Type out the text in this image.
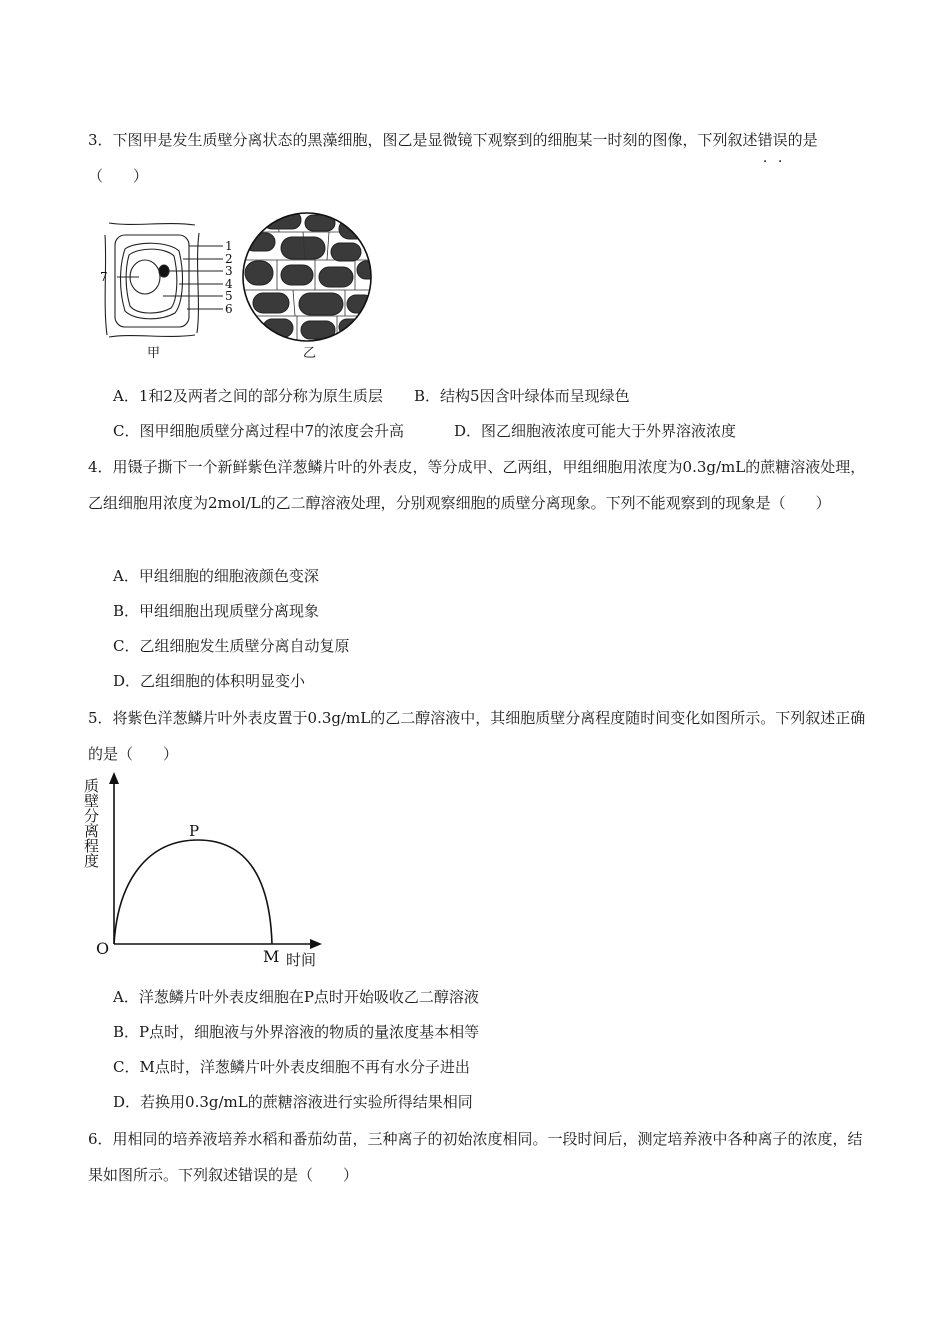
3．下图甲是发生质壁分离状态的黑藻细胞，图乙是显微镜下观察到的细胞某一时刻的图像，下列叙述错误的是（　　）
1
2
3
4
5
6
7
甲	乙
A．1和2及两者之间的部分称为原生质层 B．结构5因含叶绿体而呈现绿色
C．图甲细胞质壁分离过程中7的浓度会升高	D．图乙细胞液浓度可能大于外界溶液浓度
4．用镊子撕下一个新鲜紫色洋葱鳞片叶的外表皮，等分成甲、乙两组，甲组细胞用浓度为0.3g/mL的蔗糖溶液处理，乙组细胞用浓度为2mol/L的乙二醇溶液处理，分别观察细胞的质壁分离现象。下列不能观察到的现象是（　　）
A．甲组细胞的细胞液颜色变深
B．甲组细胞出现质壁分离现象
C．乙组细胞发生质壁分离自动复原
D．乙组细胞的体积明显变小
5．将紫色洋葱鳞片叶外表皮置于0.3g/mL的乙二醇溶液中，其细胞质壁分离程度随时间变化如图所示。下列叙述正确的是（　　）
质壁分离程度
O
P
M 时间
A．洋葱鳞片叶外表皮细胞在P点时开始吸收乙二醇溶液
B．P点时，细胞液与外界溶液的物质的量浓度基本相等
C．M点时，洋葱鳞片叶外表皮细胞不再有水分子进出
D．若换用0.3g/mL的蔗糖溶液进行实验所得结果相同
6．用相同的培养液培养水稻和番茄幼苗，三种离子的初始浓度相同。一段时间后，测定培养液中各种离子的浓度，结果如图所示。下列叙述错误的是（　　）
